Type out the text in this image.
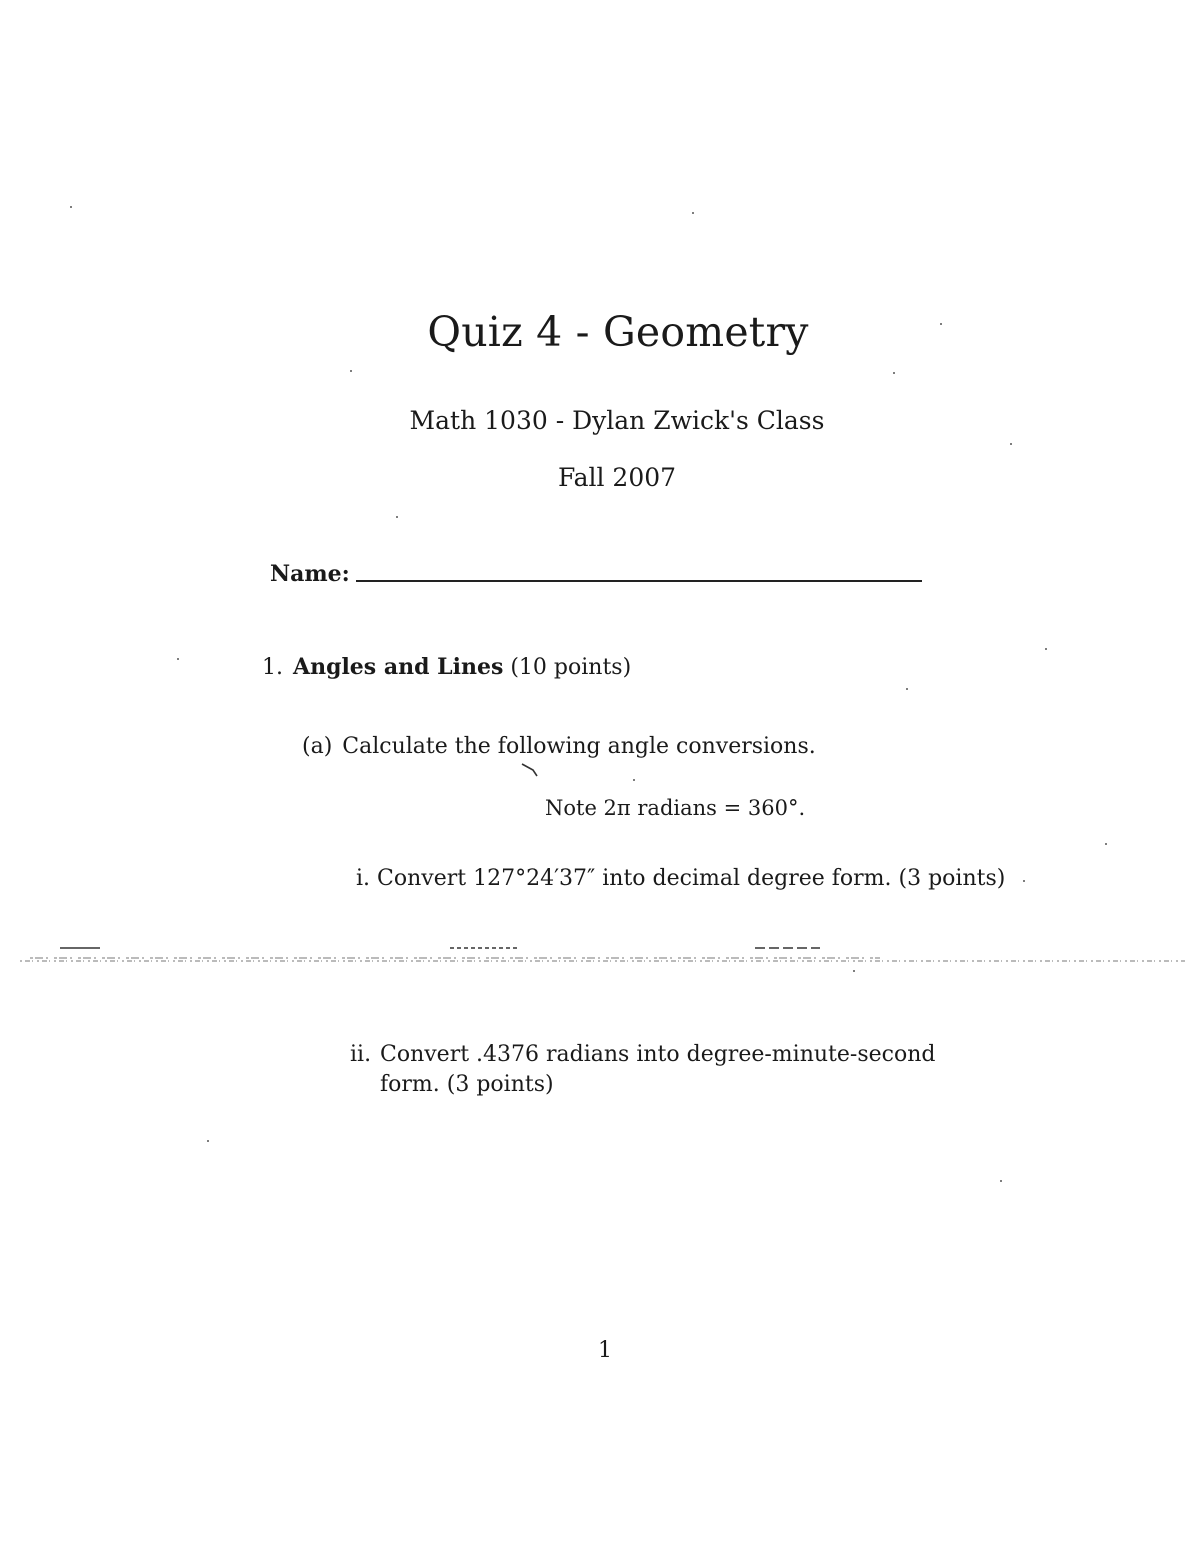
Quiz 4 - Geometry
Math 1030 - Dylan Zwick's Class
Fall 2007
Name:
1. Angles and Lines (10 points)
(a) Calculate the following angle conversions.
Note 2π radians = 360°.
i. Convert 127°24′37″ into decimal degree form. (3 points)
ii. Convert .4376 radians into degree-minute-second form. (3 points)
1
